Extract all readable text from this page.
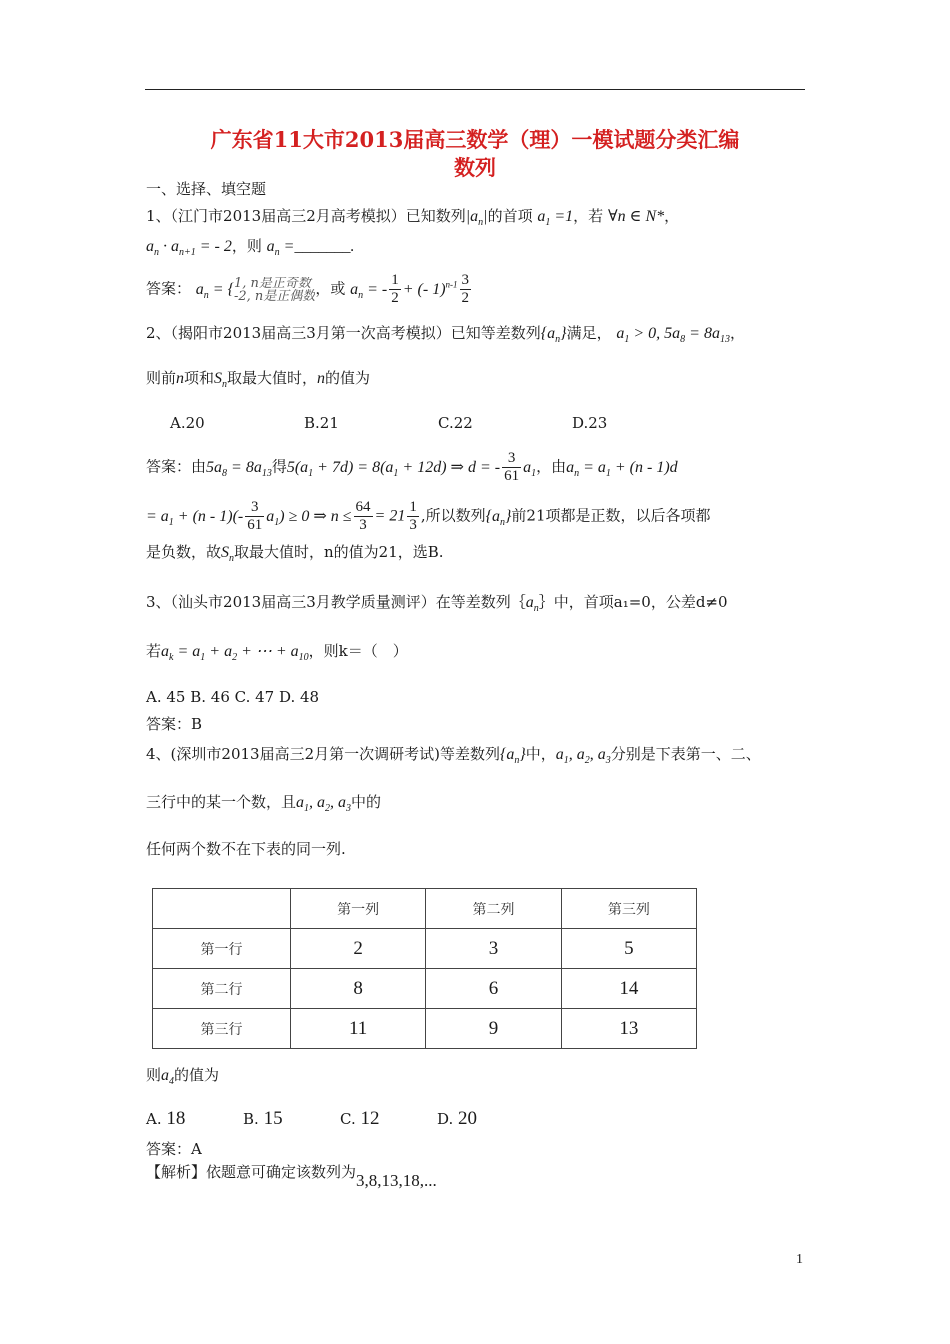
广东省11大市2013届高三数学（理）一模试题分类汇编
数列
一、选择、填空题
1、（江门市2013届高三2月高考模拟）已知数列$|a_n|$的首项 $a_1 =1$，若 ∀n ∈ N*，
$a_n \cdot a_{n+1}$ = - 2，则 $a_n$ =_______.
答案： $a_n = \{1$, n是正奇数
-2, n是正偶数，或 $a_n$ = - $\frac{1}{2}$ + (- $1)^{n-1} \frac{3}{2}$
2、（揭阳市2013届高三3月第一次高考模拟）已知等差数列$\{a_n\}$满足， $a_1 > 0$, $5a_8 = 8a_{13}$，
则前n项和$S_n$取最大值时，n的值为
A.20	B.21	C.22	D.23
答案：由$5a_8 = 8a_{13}$得$5(a_1 + 7d) = 8(a_1 + 12d)$ ⇒ d = - $\frac{3}{61} a_1$，由$a_n = a_1 + (n - 1)d$
= $a_1 + (n - 1)(- \frac{3}{61} a_1) \ge 0$ ⇒ $n \le \frac{64}{3} = 21 \frac{1}{3}$ ,所以数列$\{a_n\}$前21项都是正数，以后各项都
是负数，故$S_n$取最大值时，n的值为21，选B.
3、（汕头市2013届高三3月教学质量测评）在等差数列$\{a_n\}$中，首项a₁=0，公差d≠0
若$a_k = a_1 + a_2$ + ⋯ + $a_{10}$，则k＝（　）
A. 45 B. 46 C. 47 D. 48
答案：B
4、(深圳市2013届高三2月第一次调研考试)等差数列$\{a_n\}$中，$a_1$, $a_2$, $a_3$分别是下表第一、二、
三行中的某一个数，且$a_1$, $a_2$, $a_3$中的
任何两个数不在下表的同一列.
	第一列	第二列	第三列
第一行	2	3	5
第二行	8	6	14
第三行	11	9	13
则$a_4$的值为
A. 18	B. 15	C. 12	D. 20
答案：A
【解析】依题意可确定该数列为3,8,13,18,...
1
